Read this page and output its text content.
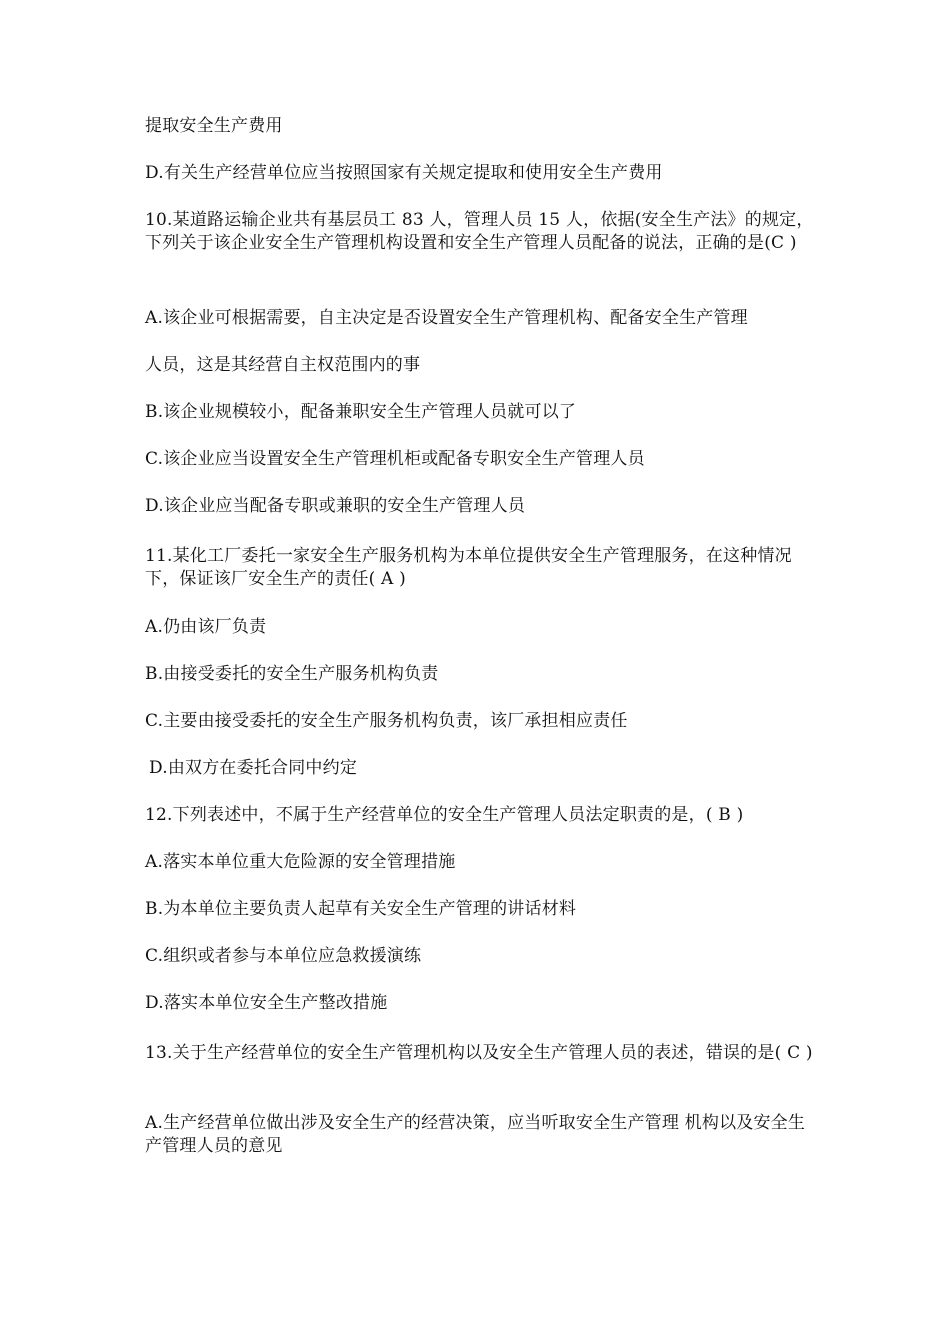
提取安全生产费用
D.有关生产经营单位应当按照国家有关规定提取和使用安全生产费用
10.某道路运输企业共有基层员工 83 人，管理人员 15 人，依据(安全生产法》的规定，下列关于该企业安全生产管理机构设置和安全生产管理人员配备的说法，正确的是(C )
A.该企业可根据需要，自主决定是否设置安全生产管理机构、配备安全生产管理
人员，这是其经营自主权范围内的事
B.该企业规模较小，配备兼职安全生产管理人员就可以了
C.该企业应当设置安全生产管理机柜或配备专职安全生产管理人员
D.该企业应当配备专职或兼职的安全生产管理人员
11.某化工厂委托一家安全生产服务机构为本单位提供安全生产管理服务，在这种情况下，保证该厂安全生产的责任( A )
A.仍由该厂负责
B.由接受委托的安全生产服务机构负责
C.主要由接受委托的安全生产服务机构负责，该厂承担相应责任
D.由双方在委托合同中约定
12.下列表述中，不属于生产经营单位的安全生产管理人员法定职责的是，( B )
A.落实本单位重大危险源的安全管理措施
B.为本单位主要负责人起草有关安全生产管理的讲话材料
C.组织或者参与本单位应急救援演练
D.落实本单位安全生产整改措施
13.关于生产经营单位的安全生产管理机构以及安全生产管理人员的表述，错误的是( C )
A.生产经营单位做出涉及安全生产的经营决策，应当听取安全生产管理 机构以及安全生产管理人员的意见
